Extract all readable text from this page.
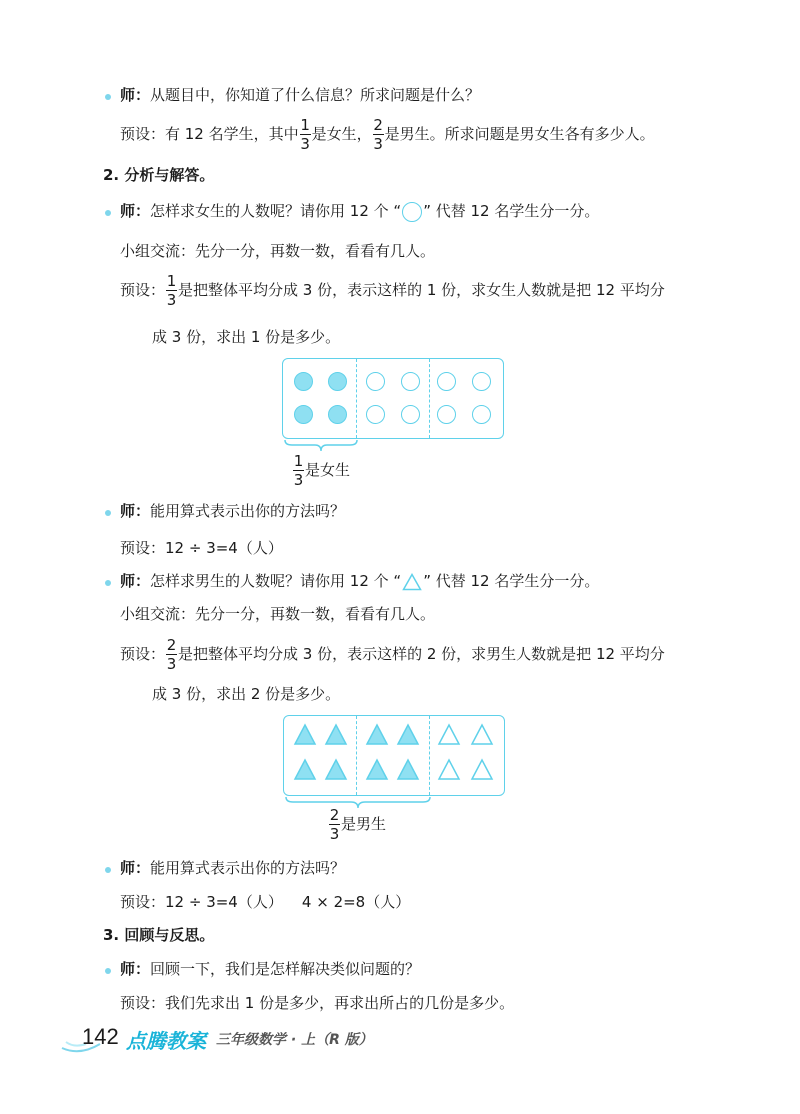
师：从题目中，你知道了什么信息？所求问题是什么？
预设：有 12 名学生，其中 $\frac{1}{3}$ 是女生， $\frac{2}{3}$ 是男生。所求问题是男女生各有多少人。
2. 分析与解答。
师：怎样求女生的人数呢？请你用 12 个 “ ” 代替 12 名学生分一分。
小组交流：先分一分，再数一数，看看有几人。
预设： $\frac{1}{3}$ 是把整体平均分成 3 份，表示这样的 1 份，求女生人数就是把 12 平均分
成 3 份，求出 1 份是多少。
$\frac{1}{3}$ 是女生
师：能用算式表示出你的方法吗？
预设：12 ÷ 3=4（人）
师：怎样求男生的人数呢？请你用 12 个 “ ” 代替 12 名学生分一分。
小组交流：先分一分，再数一数，看看有几人。
预设： $\frac{2}{3}$ 是把整体平均分成 3 份，表示这样的 2 份，求男生人数就是把 12 平均分
成 3 份，求出 2 份是多少。
$\frac{2}{3}$ 是男生
师：能用算式表示出你的方法吗？
预设：12 ÷ 3=4（人）    4 × 2=8（人）
3. 回顾与反思。
师：回顾一下，我们是怎样解决类似问题的？
预设：我们先求出 1 份是多少，再求出所占的几份是多少。
142 点腾教案 三年级数学 · 上（R 版）
